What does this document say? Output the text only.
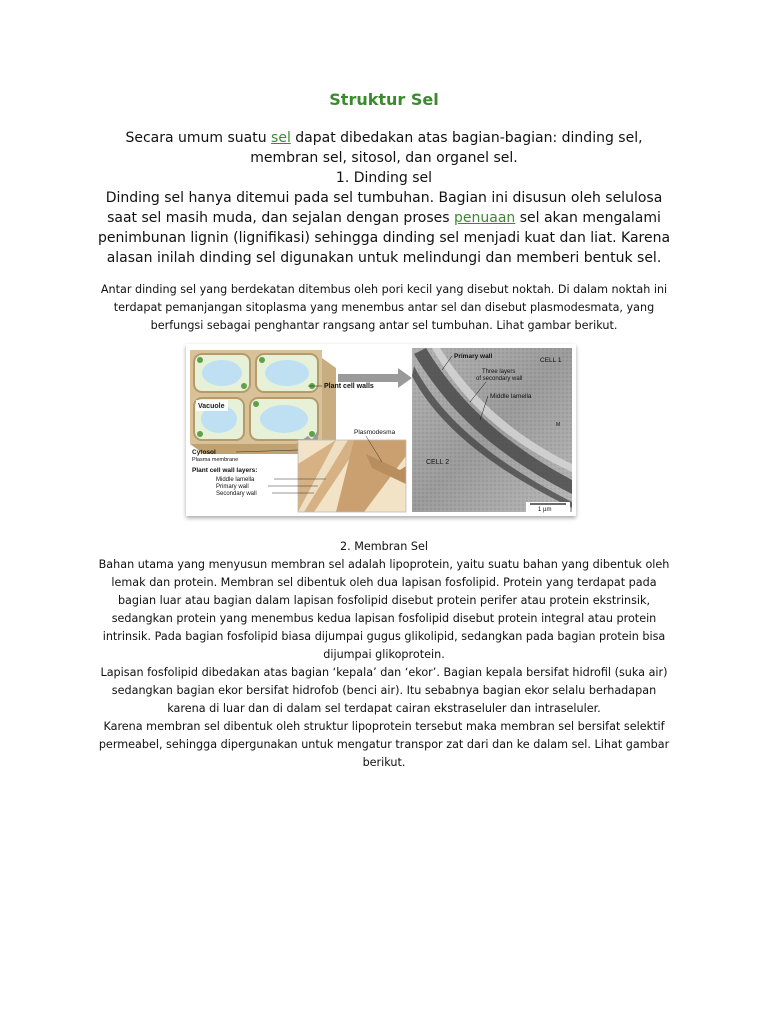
Struktur Sel

Secara umum suatu sel dapat dibedakan atas bagian-bagian: dinding sel, membran sel, sitosol, dan organel sel.

1. Dinding sel

Dinding sel hanya ditemui pada sel tumbuhan. Bagian ini disusun oleh selulosa saat sel masih muda, dan sejalan dengan proses penuaan sel akan mengalami penimbunan lignin (lignifikasi) sehingga dinding sel menjadi kuat dan liat. Karena alasan inilah dinding sel digunakan untuk melindungi dan memberi bentuk sel.

Antar dinding sel yang berdekatan ditembus oleh pori kecil yang disebut noktah. Di dalam noktah ini terdapat pemanjangan sitoplasma yang menembus antar sel dan disebut plasmodesmata, yang berfungsi sebagai penghantar rangsang antar sel tumbuhan. Lihat gambar berikut.

Vacuole
Plant cell walls
Plasmodesma
Cytosol
Plasma membrane
Plant cell wall layers:
Middle lamella
Primary wall
Secondary wall
Primary wall
CELL 1
Three layers
of secondary wall
Middle lamella
M
CELL 2
1 µm

2. Membran Sel

Bahan utama yang menyusun membran sel adalah lipoprotein, yaitu suatu bahan yang dibentuk oleh lemak dan protein. Membran sel dibentuk oleh dua lapisan fosfolipid. Protein yang terdapat pada bagian luar atau bagian dalam lapisan fosfolipid disebut protein perifer atau protein ekstrinsik, sedangkan protein yang menembus kedua lapisan fosfolipid disebut protein integral atau protein intrinsik. Pada bagian fosfolipid biasa dijumpai gugus glikolipid, sedangkan pada bagian protein bisa dijumpai glikoprotein.

Lapisan fosfolipid dibedakan atas bagian ‘kepala’ dan ‘ekor’. Bagian kepala bersifat hidrofil (suka air) sedangkan bagian ekor bersifat hidrofob (benci air). Itu sebabnya bagian ekor selalu berhadapan karena di luar dan di dalam sel terdapat cairan ekstraseluler dan intraseluler.

Karena membran sel dibentuk oleh struktur lipoprotein tersebut maka membran sel bersifat selektif permeabel, sehingga dipergunakan untuk mengatur transpor zat dari dan ke dalam sel. Lihat gambar berikut.
